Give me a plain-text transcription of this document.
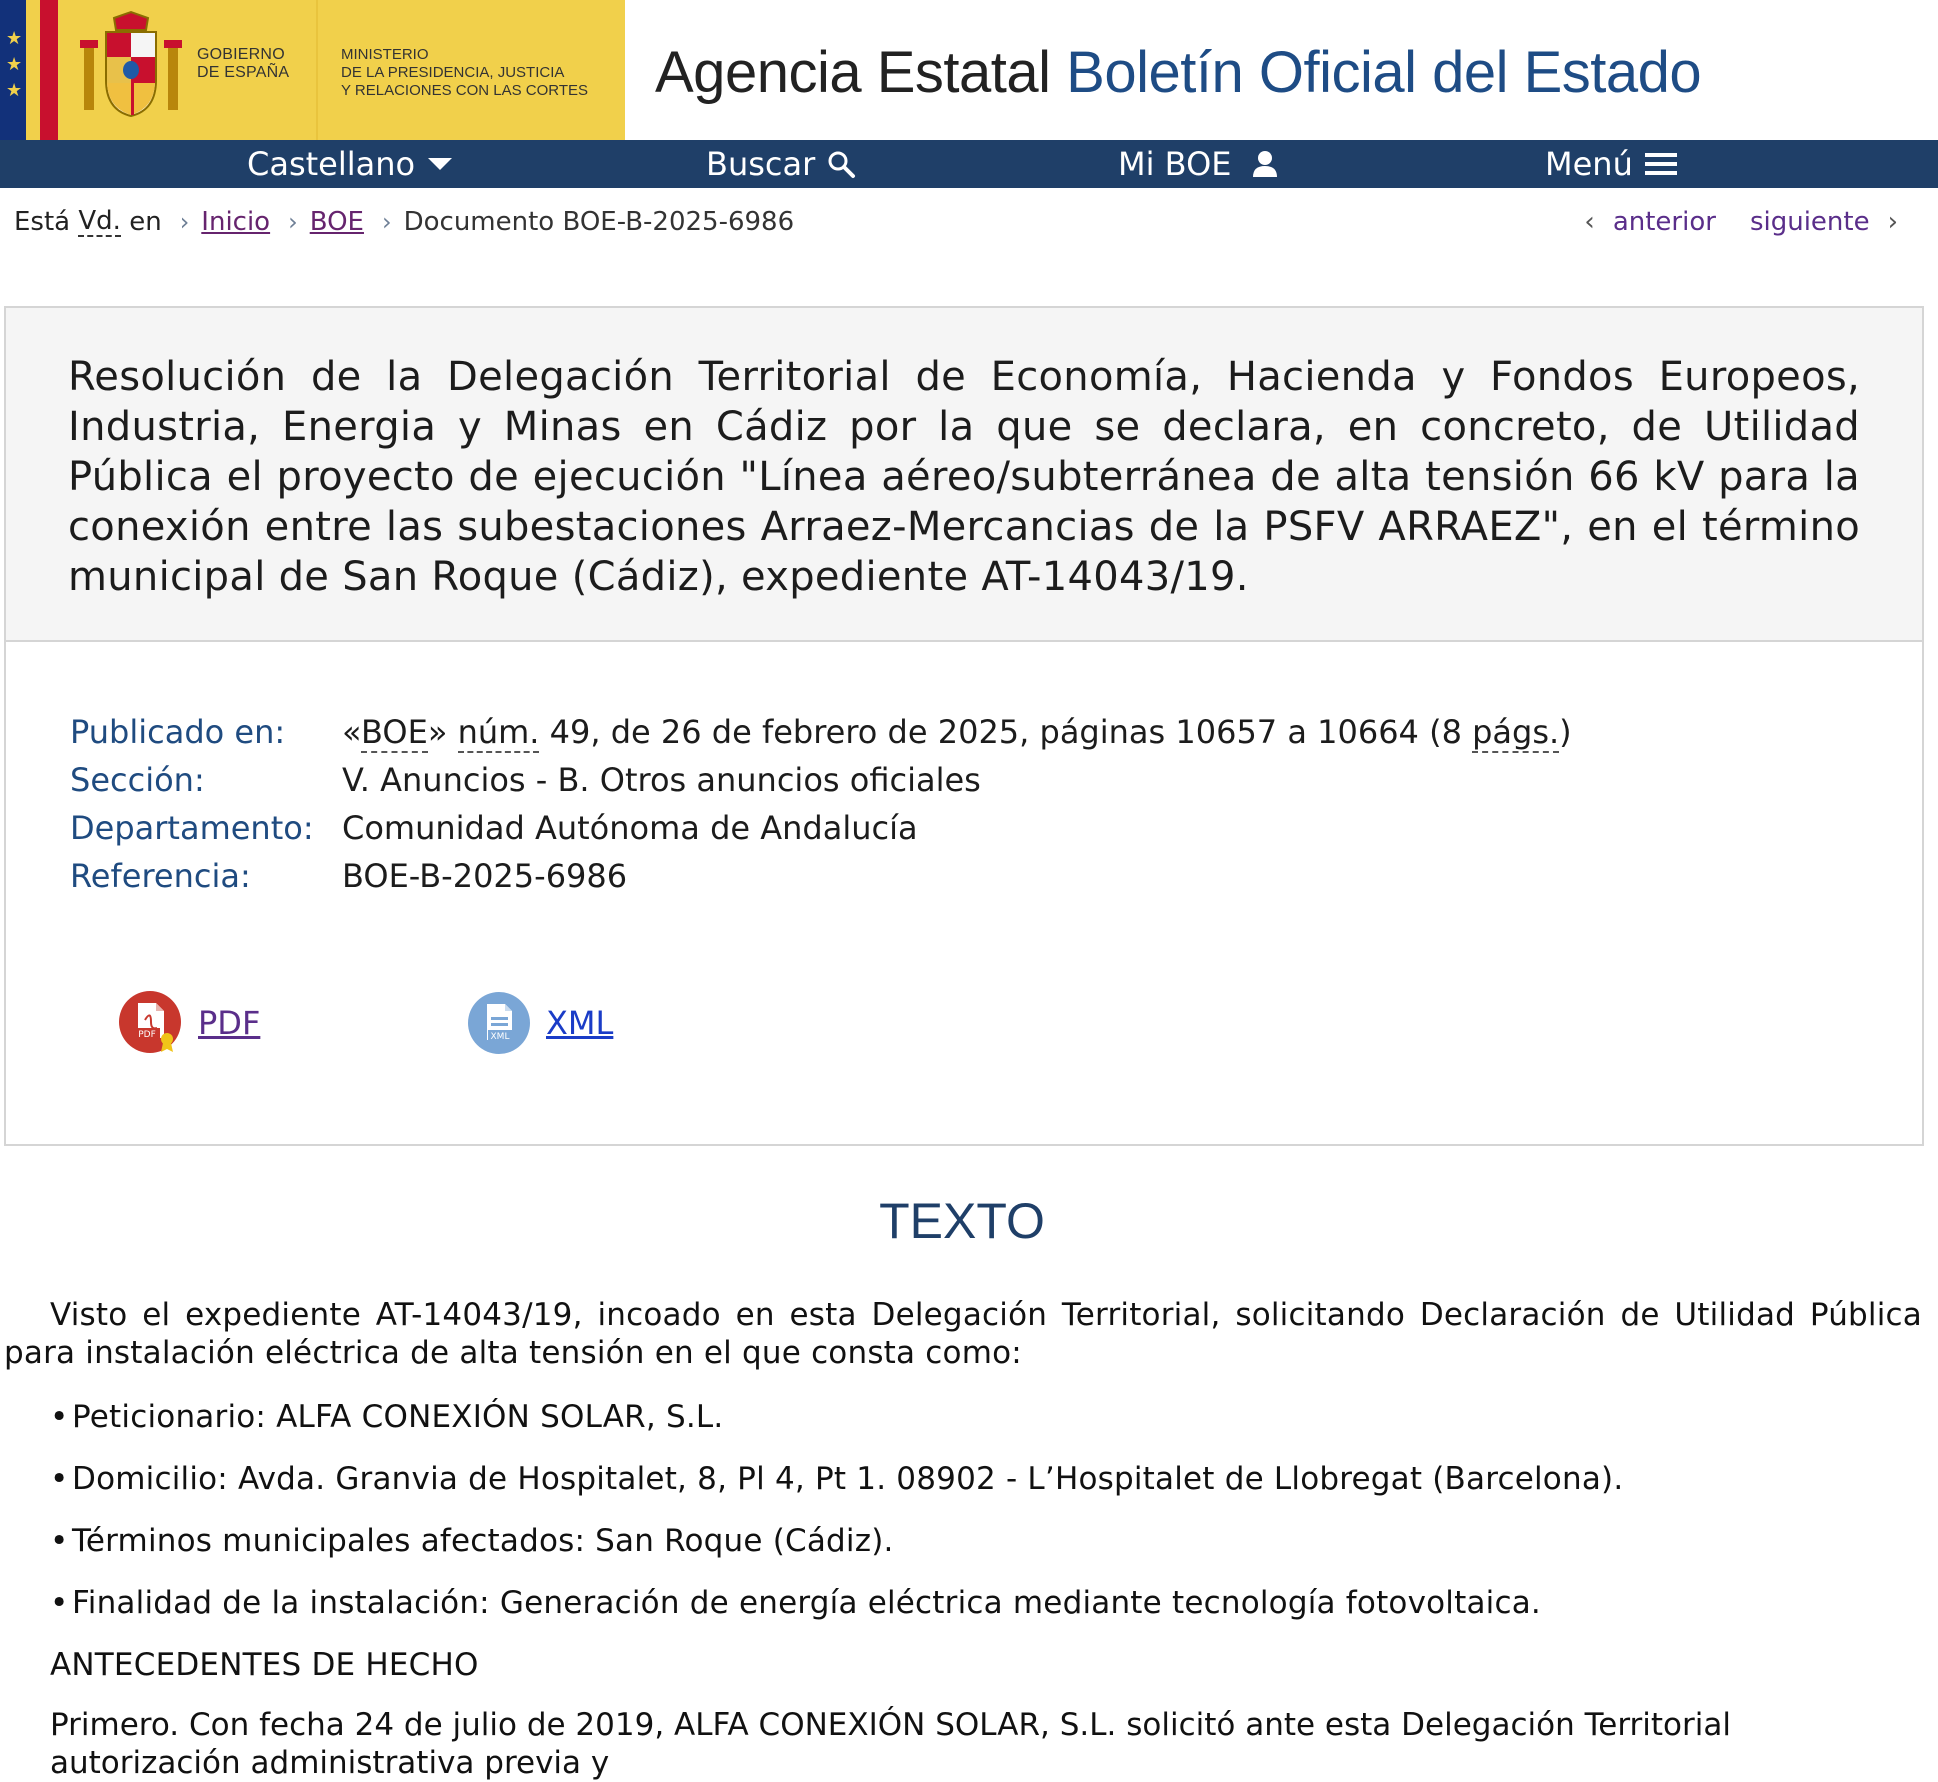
★
★
★
GOBIERNO
DE ESPAÑA
MINISTERIO
DE LA PRESIDENCIA, JUSTICIA
Y RELACIONES CON LAS CORTES Agencia Estatal Boletín Oficial del Estado
Castellano	Buscar	Mi BOE	Menú
Está Vd. en › Inicio › BOE › Documento BOE-B-2025-6986	‹ anterior siguiente ›
Resolución de la Delegación Territorial de Economía, Hacienda y Fondos Europeos, Industria, Energia y Minas en Cádiz por la que se declara, en concreto, de Utilidad Pública el proyecto de ejecución "Línea aéreo/subterránea de alta tensión 66 kV para la conexión entre las subestaciones Arraez-Mercancias de la PSFV ARRAEZ", en el término municipal de San Roque (Cádiz), expediente AT-14043/19.
Publicado en:	«BOE» núm. 49, de 26 de febrero de 2025, páginas 10657 a 10664 (8 págs.)
Sección:	V. Anuncios - B. Otros anuncios oficiales
Departamento: Comunidad Autónoma de Andalucía
Referencia:	BOE-B-2025-6986
PDF PDF	XML XML
TEXTO

Visto el expediente AT-14043/19, incoado en esta Delegación Territorial, solicitando Declaración de Utilidad Pública para instalación eléctrica de alta tensión en el que consta como:

• Peticionario: ALFA CONEXIÓN SOLAR, S.L.
• Domicilio: Avda. Granvia de Hospitalet, 8, Pl 4, Pt 1. 08902 - L’Hospitalet de Llobregat (Barcelona).
• Términos municipales afectados: San Roque (Cádiz).
• Finalidad de la instalación: Generación de energía eléctrica mediante tecnología fotovoltaica.
ANTECEDENTES DE HECHO
Primero. Con fecha 24 de julio de 2019, ALFA CONEXIÓN SOLAR, S.L. solicitó ante esta Delegación Territorial autorización administrativa previa y
